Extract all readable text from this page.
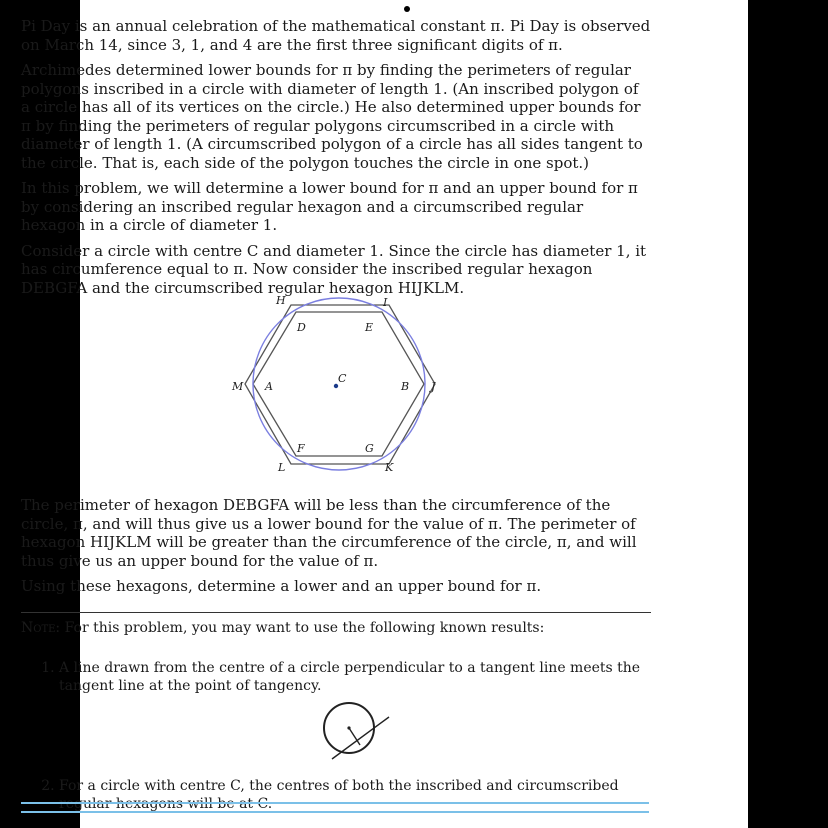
Pi Day is an annual celebration of the mathematical constant π. Pi Day is observed on March 14, since 3, 1, and 4 are the first three significant digits of π.

Archimedes determined lower bounds for π by finding the perimeters of regular polygons inscribed in a circle with diameter of length 1. (An inscribed polygon of a circle has all of its vertices on the circle.) He also determined upper bounds for π by finding the perimeters of regular polygons circumscribed in a circle with diameter of length 1. (A circumscribed polygon of a circle has all sides tangent to the circle. That is, each side of the polygon touches the circle in one spot.)

In this problem, we will determine a lower bound for π and an upper bound for π by considering an inscribed regular hexagon and a circumscribed regular hexagon in a circle of diameter 1.

Consider a circle with centre C and diameter 1. Since the circle has diameter 1, it has circumference equal to π. Now consider the inscribed regular hexagon DEBGFA and the circumscribed regular hexagon HIJKLM.

H	I
J
K
L
M
D	E
B
G
F
A
C

The perimeter of hexagon DEBGFA will be less than the circumference of the circle, π, and will thus give us a lower bound for the value of π. The perimeter of hexagon HIJKLM will be greater than the circumference of the circle, π, and will thus give us an upper bound for the value of π.

Using these hexagons, determine a lower and an upper bound for π.

Note: For this problem, you may want to use the following known results:
1. A line drawn from the centre of a circle perpendicular to a tangent line meets the tangent line at the point of tangency.
2. For a circle with centre C, the centres of both the inscribed and circumscribed regular hexagons will be at C.
